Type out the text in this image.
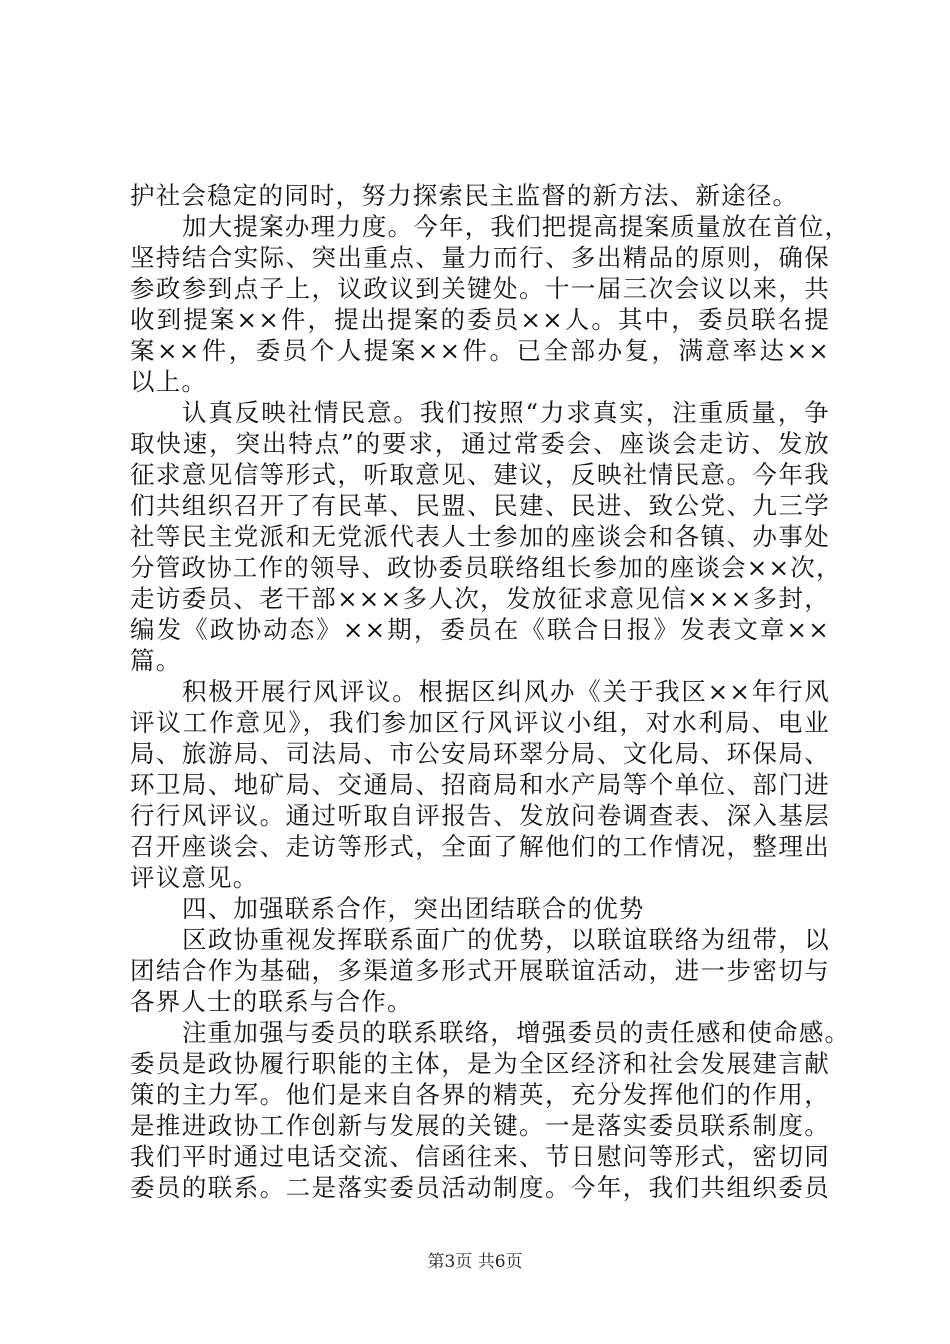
护社会稳定的同时，努力探索民主监督的新方法、新途径。
加大提案办理力度。今年，我们把提高提案质量放在首位，
坚持结合实际、突出重点、量力而行、多出精品的原则，确保
参政参到点子上，议政议到关键处。十一届三次会议以来，共
收到提案××件，提出提案的委员××人。其中，委员联名提
案××件，委员个人提案××件。已全部办复，满意率达××
以上。
认真反映社情民意。我们按照“力求真实，注重质量，争
取快速，突出特点”的要求，通过常委会、座谈会走访、发放
征求意见信等形式，听取意见、建议，反映社情民意。今年我
们共组织召开了有民革、民盟、民建、民进、致公党、九三学
社等民主党派和无党派代表人士参加的座谈会和各镇、办事处
分管政协工作的领导、政协委员联络组长参加的座谈会××次，
走访委员、老干部×××多人次，发放征求意见信×××多封，
编发《政协动态》××期，委员在《联合日报》发表文章××
篇。
积极开展行风评议。根据区纠风办《关于我区××年行风
评议工作意见》，我们参加区行风评议小组，对水利局、电业
局、旅游局、司法局、市公安局环翠分局、文化局、环保局、
环卫局、地矿局、交通局、招商局和水产局等个单位、部门进
行行风评议。通过听取自评报告、发放问卷调查表、深入基层
召开座谈会、走访等形式，全面了解他们的工作情况，整理出
评议意见。
四、加强联系合作，突出团结联合的优势
区政协重视发挥联系面广的优势，以联谊联络为纽带，以
团结合作为基础，多渠道多形式开展联谊活动，进一步密切与
各界人士的联系与合作。
注重加强与委员的联系联络，增强委员的责任感和使命感。
委员是政协履行职能的主体，是为全区经济和社会发展建言献
策的主力军。他们是来自各界的精英，充分发挥他们的作用，
是推进政协工作创新与发展的关键。一是落实委员联系制度。
我们平时通过电话交流、信函往来、节日慰问等形式，密切同
委员的联系。二是落实委员活动制度。今年，我们共组织委员
第3页 共6页
